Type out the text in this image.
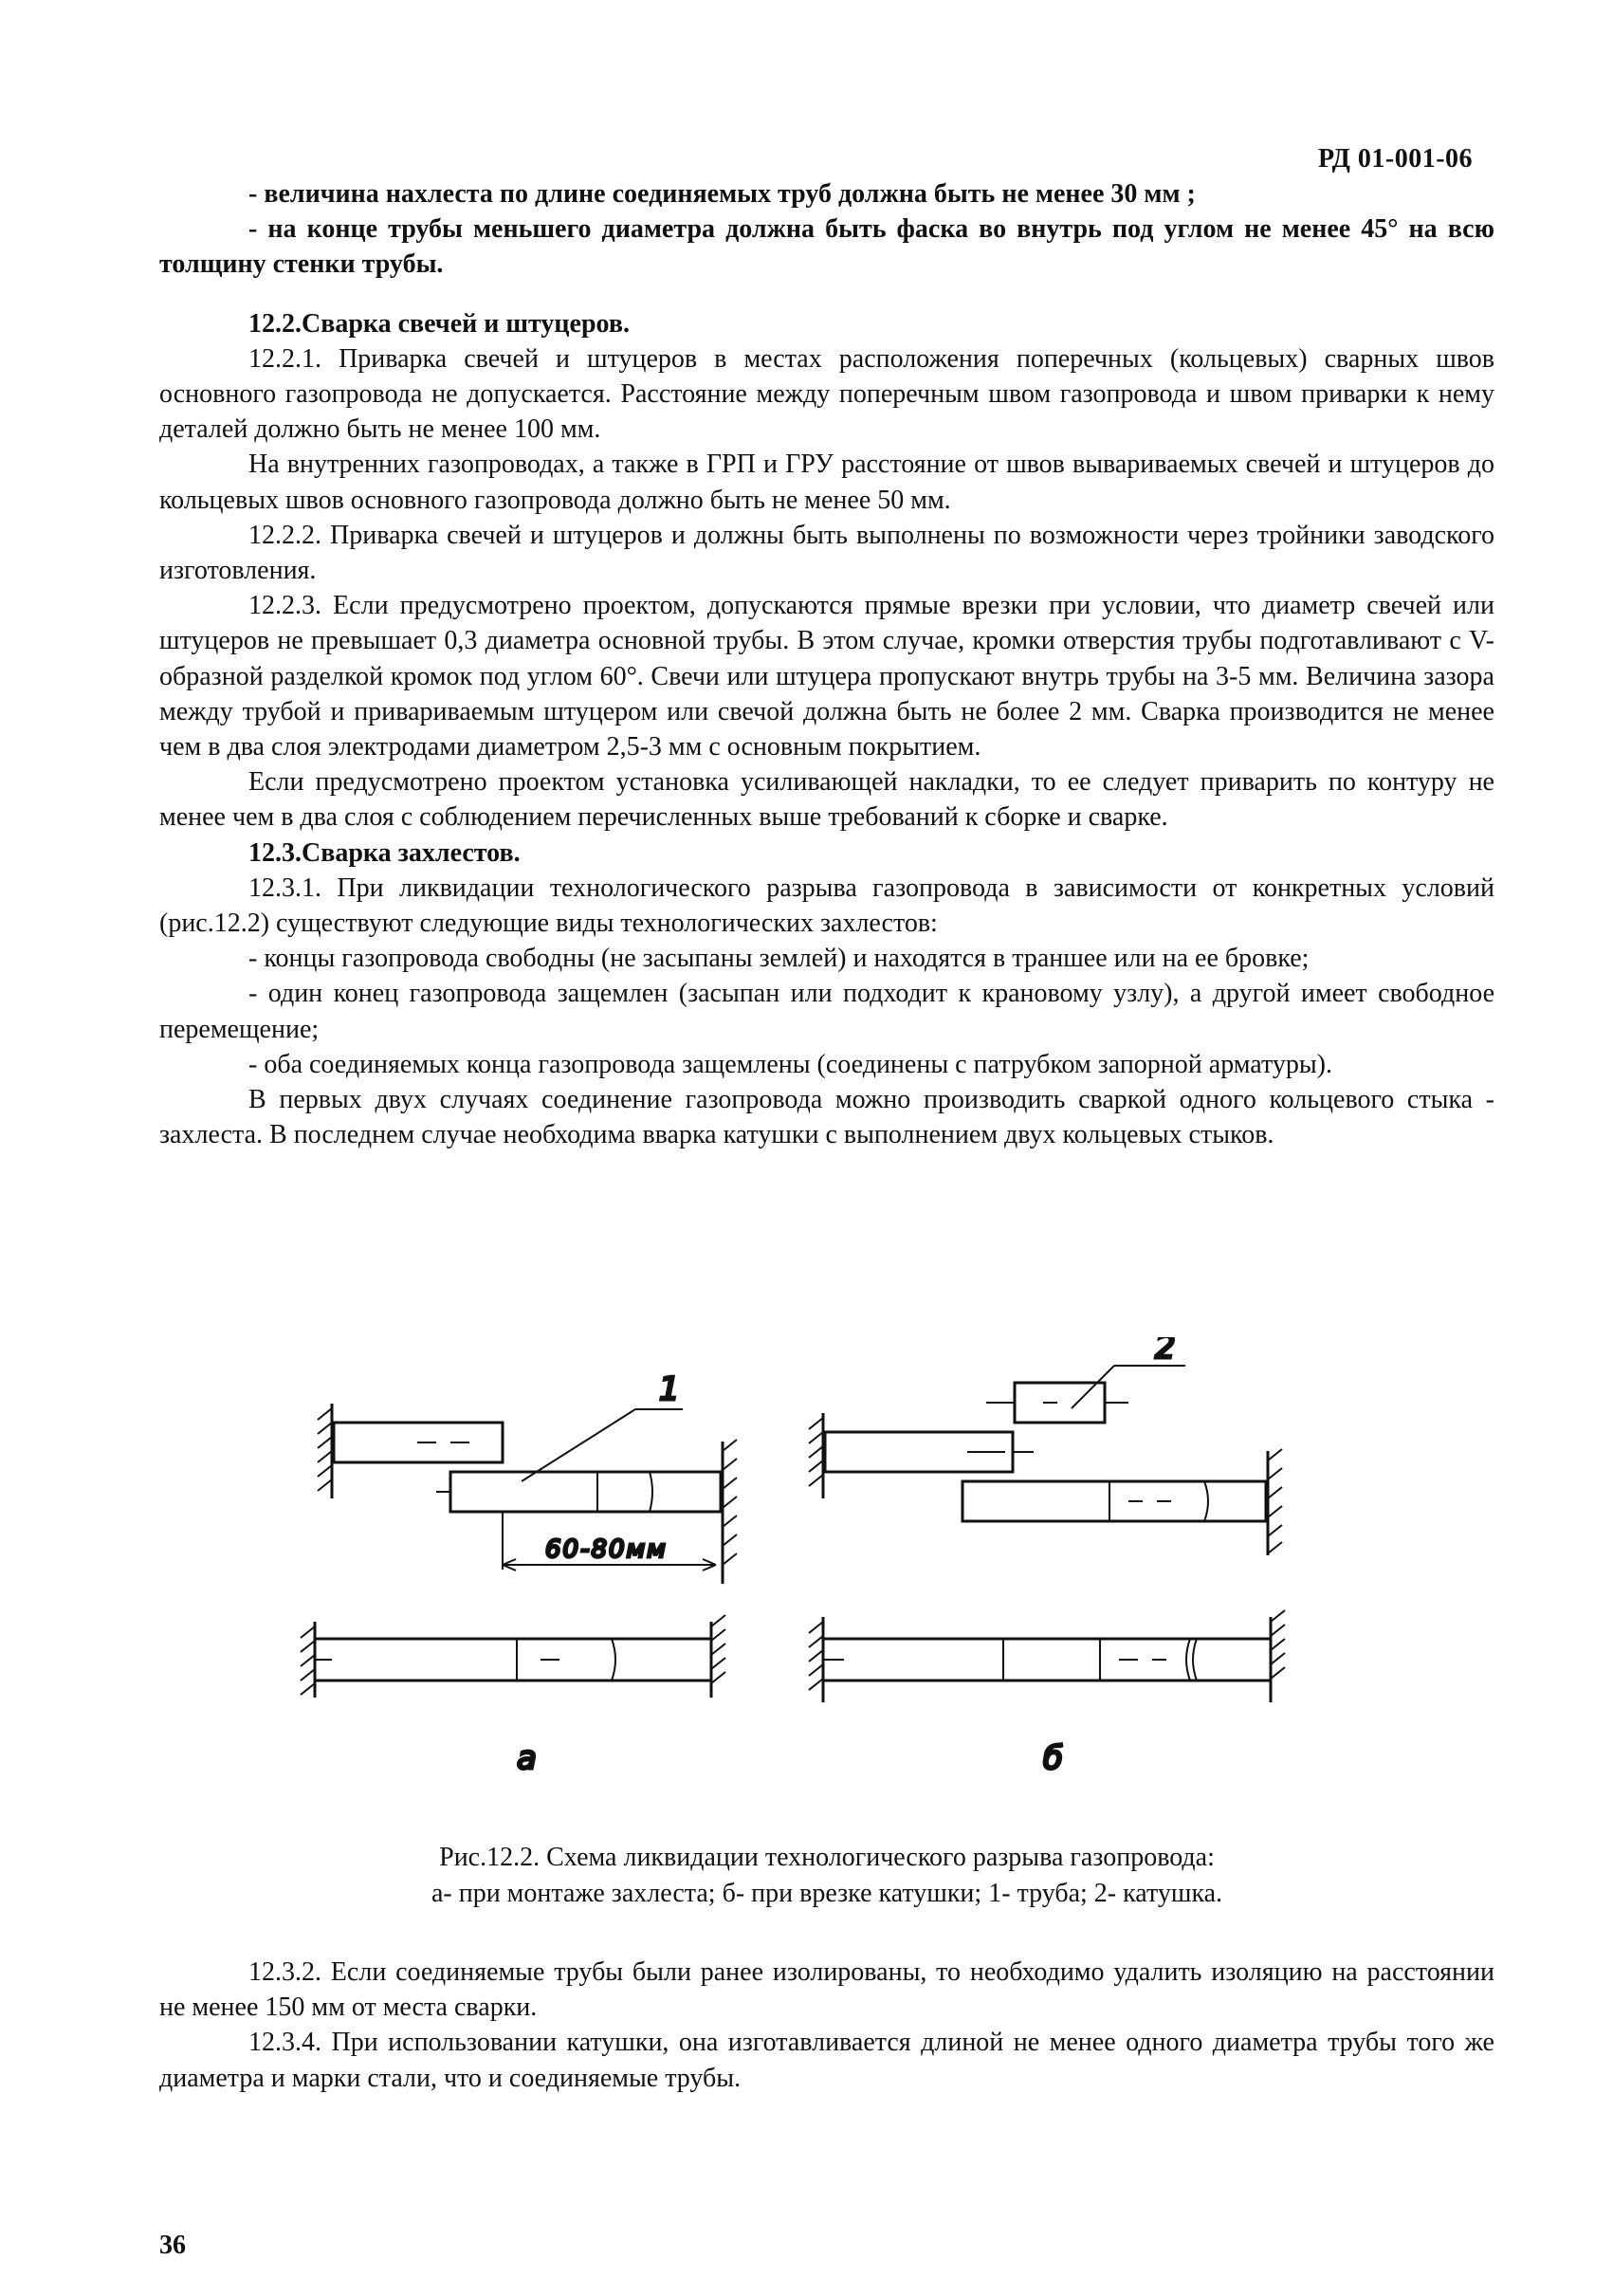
РД 01-001-06

- величина нахлеста по длине соединяемых труб должна быть не менее 30 мм ;

- на конце трубы меньшего диаметра должна быть фаска во внутрь под углом не менее 45° на всю толщину стенки трубы.

12.2.Сварка свечей и штуцеров.

12.2.1. Приварка свечей и штуцеров в местах расположения поперечных (кольцевых) сварных швов основного газопровода не допускается. Расстояние между поперечным швом газопровода и швом приварки к нему деталей должно быть не менее 100 мм.

На внутренних газопроводах, а также в ГРП и ГРУ расстояние от швов вывариваемых свечей и штуцеров до кольцевых швов основного газопровода должно быть не менее 50 мм.

12.2.2. Приварка свечей и штуцеров и должны быть выполнены по возможности через тройники заводского изготовления.

12.2.3. Если предусмотрено проектом, допускаются прямые врезки при условии, что диаметр свечей или штуцеров не превышает 0,3 диаметра основной трубы. В этом случае, кромки отверстия трубы подготавливают с V-образной разделкой кромок под углом 60°. Свечи или штуцера пропускают внутрь трубы на 3-5 мм. Величина зазора между трубой и привариваемым штуцером или свечой должна быть не более 2 мм. Сварка производится не менее чем в два слоя электродами диаметром 2,5-3 мм с основным покрытием.

Если предусмотрено проектом установка усиливающей накладки, то ее следует приварить по контуру не менее чем в два слоя с соблюдением перечисленных выше требований к сборке и сварке.

12.3.Сварка захлестов.

12.3.1. При ликвидации технологического разрыва газопровода в зависимости от конкретных условий (рис.12.2) существуют следующие виды технологических захлестов:

- концы газопровода свободны (не засыпаны землей) и находятся в траншее или на ее бровке;

- один конец газопровода защемлен (засыпан или подходит к крановому узлу), а другой имеет свободное перемещение;

- оба соединяемых конца газопровода защемлены (соединены с патрубком запорной арматуры).

В первых двух случаях соединение газопровода можно производить сваркой одного кольцевого стыка - захлеста. В последнем случае необходима вварка катушки с выполнением двух кольцевых стыков.

1
60-80мм
а
2
б
Рис.12.2. Схема ликвидации технологического разрыва газопровода:
а- при монтаже захлеста; б- при врезке катушки; 1- труба; 2- катушка.

12.3.2. Если соединяемые трубы были ранее изолированы, то необходимо удалить изоляцию на расстоянии не менее 150 мм от места сварки.

12.3.4. При использовании катушки, она изготавливается длиной не менее одного диаметра трубы того же диаметра и марки стали, что и соединяемые трубы.

36
